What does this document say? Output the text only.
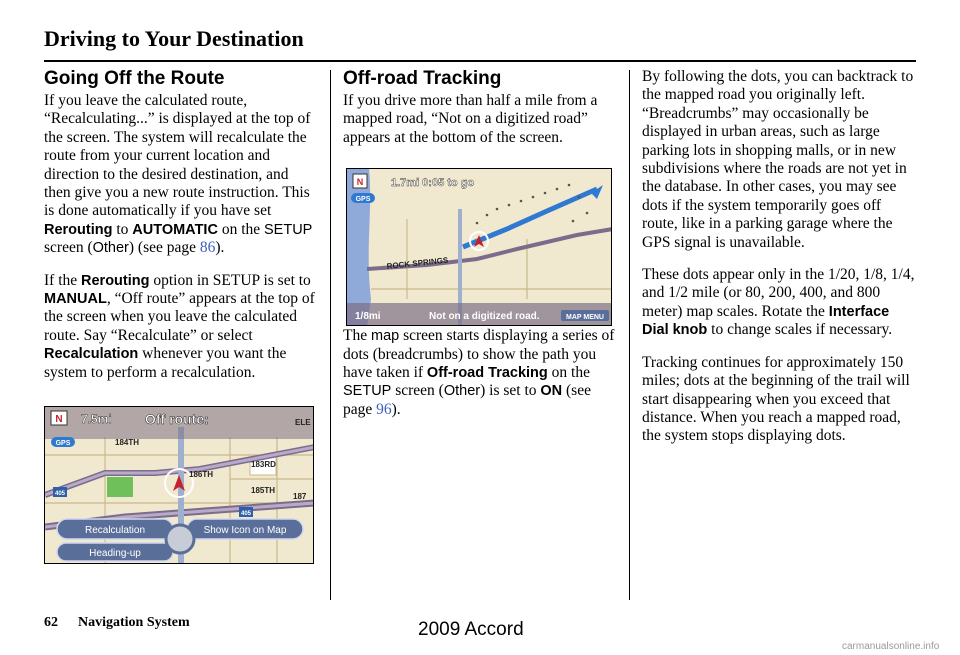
Driving to Your Destination
Going Off the Route

If you leave the calculated route, “Recalculating...” is displayed at the top of the screen. The system will recalculate the route from your current location and direction to the desired destination, and then give you a new route instruction. This is done automatically if you have set Rerouting to AUTOMATIC on the SETUP screen (Other) (see page 86).

If the Rerouting option in SETUP is set to MANUAL, “Off route” appears at the top of the screen when you leave the calculated route. Say “Recalculate” or select Recalculation whenever you want the system to perform a recalculation.

N
GPS
7.5mi Off route:
184TH
183RD
185TH
186TH
187
ELE
405
405
Recalculation	Show Icon on Map
Heading-up
Off-road Tracking

If you drive more than half a mile from a mapped road, “Not on a digitized road” appears at the bottom of the screen.

The map screen starts displaying a series of dots (breadcrumbs) to show the path you have taken if Off-road Tracking on the SETUP screen (Other) is set to ON (see page 96).

ROCK SPRINGS
N
GPS
1.7mi 0:05 to go
1/8mi	Not on a digitized road.	MAP MENU

By following the dots, you can backtrack to the mapped road you originally left. “Breadcrumbs” may occasionally be displayed in urban areas, such as large parking lots in shopping malls, or in new subdivisions where the roads are not yet in the database. In other cases, you may see dots if the system temporarily goes off route, like in a parking garage where the GPS signal is unavailable.

These dots appear only in the 1/20, 1/8, 1/4, and 1/2 mile (or 80, 200, 400, and 800 meter) map scales. Rotate the Interface Dial knob to change scales if necessary.

Tracking continues for approximately 150 miles; dots at the beginning of the trail will start disappearing when you exceed that distance. When you reach a mapped road, the system stops displaying dots.

62 Navigation System	2009 Accord
carmanualsonline.info
